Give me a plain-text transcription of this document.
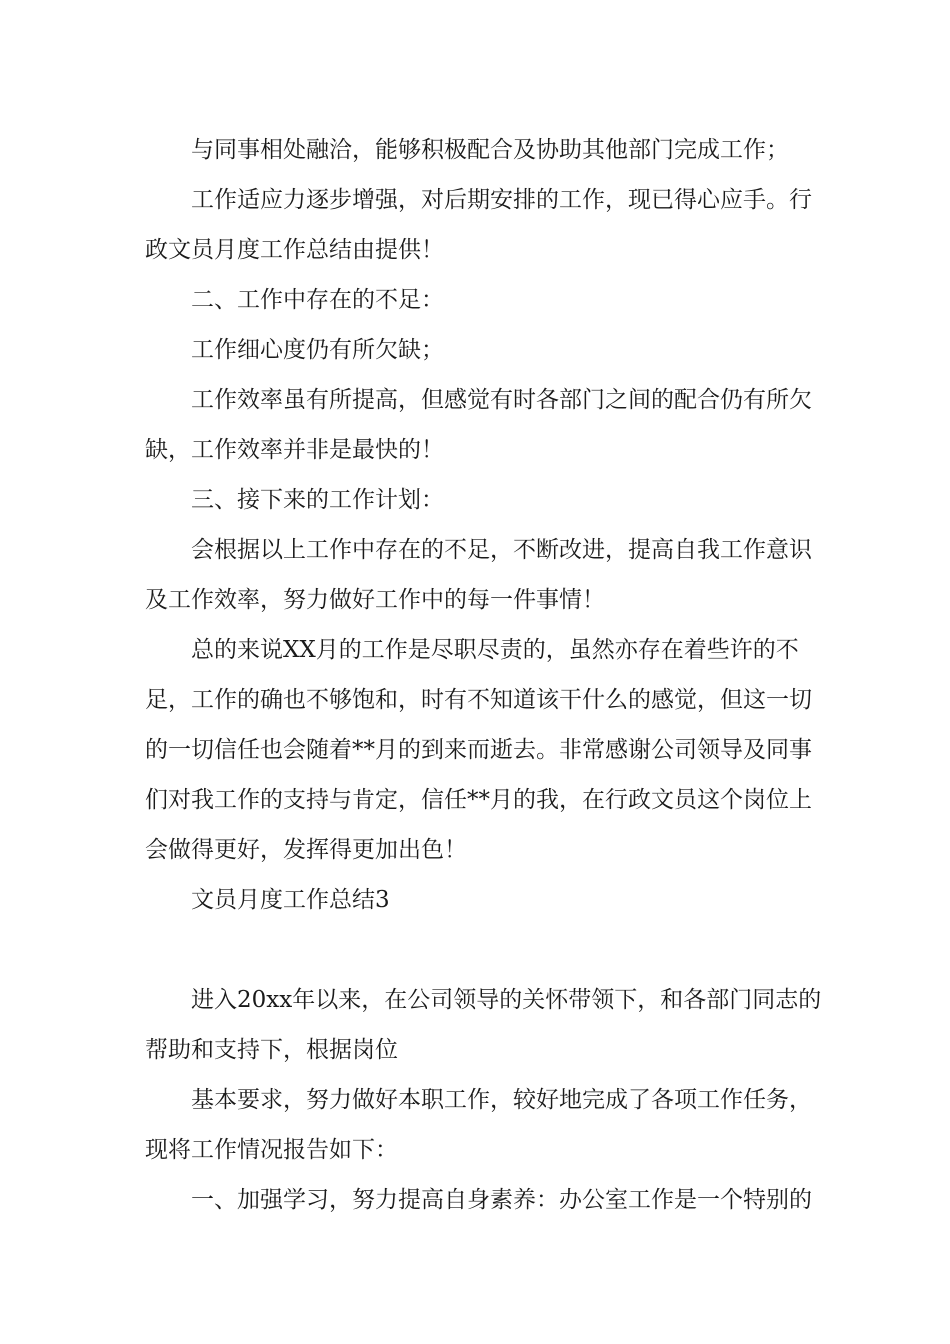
与同事相处融洽，能够积极配合及协助其他部门完成工作；

工作适应力逐步增强，对后期安排的工作，现已得心应手。行政文员月度工作总结由提供！

二、工作中存在的不足：

工作细心度仍有所欠缺；

工作效率虽有所提高，但感觉有时各部门之间的配合仍有所欠缺，工作效率并非是最快的！

三、接下来的工作计划：

会根据以上工作中存在的不足，不断改进，提高自我工作意识及工作效率，努力做好工作中的每一件事情！

总的来说XX月的工作是尽职尽责的，虽然亦存在着些许的不足，工作的确也不够饱和，时有不知道该干什么的感觉，但这一切的一切信任也会随着**月的到来而逝去。非常感谢公司领导及同事们对我工作的支持与肯定，信任**月的我，在行政文员这个岗位上会做得更好，发挥得更加出色！

文员月度工作总结3

进入20xx年以来，在公司领导的关怀带领下，和各部门同志的帮助和支持下，根据岗位

基本要求，努力做好本职工作，较好地完成了各项工作任务，现将工作情况报告如下：

一、加强学习，努力提高自身素养：办公室工作是一个特别的
